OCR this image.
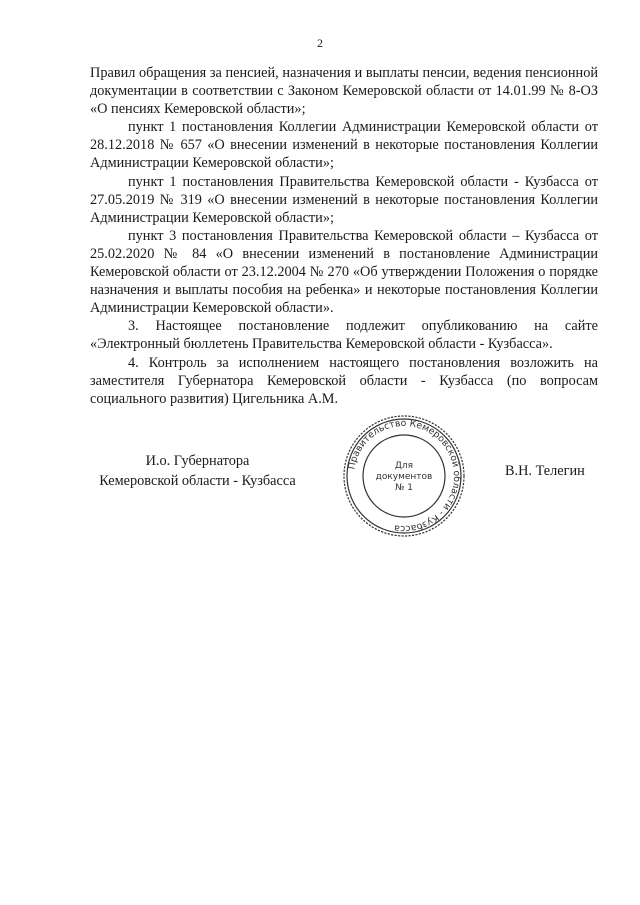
2

Правил обращения за пенсией, назначения и выплаты пенсии, ведения пенсионной документации в соответствии с Законом Кемеровской области от 14.01.99 № 8-ОЗ «О пенсиях Кемеровской области»;

пункт 1 постановления Коллегии Администрации Кемеровской области от 28.12.2018 № 657 «О внесении изменений в некоторые постановления Коллегии Администрации Кемеровской области»;

пункт 1 постановления Правительства Кемеровской области - Кузбасса от 27.05.2019 № 319 «О внесении изменений в некоторые постановления Коллегии Администрации Кемеровской области»;

пункт 3 постановления Правительства Кемеровской области – Кузбасса от 25.02.2020 № 84 «О внесении изменений в постановление Администрации Кемеровской области от 23.12.2004 № 270 «Об утверждении Положения о порядке назначения и выплаты пособия на ребенка» и некоторые постановления Коллегии Администрации Кемеровской области».

3. Настоящее постановление подлежит опубликованию на сайте «Электронный бюллетень Правительства Кемеровской области - Кузбасса».

4. Контроль за исполнением настоящего постановления возложить на заместителя Губернатора Кемеровской области - Кузбасса (по вопросам социального развития) Цигельника А.М.

И.о. Губернатора
Кемеровской области - Кузбасса
Правительство Кемеровской области - Кузбасса
Для
документов
№ 1
В.Н. Телегин
